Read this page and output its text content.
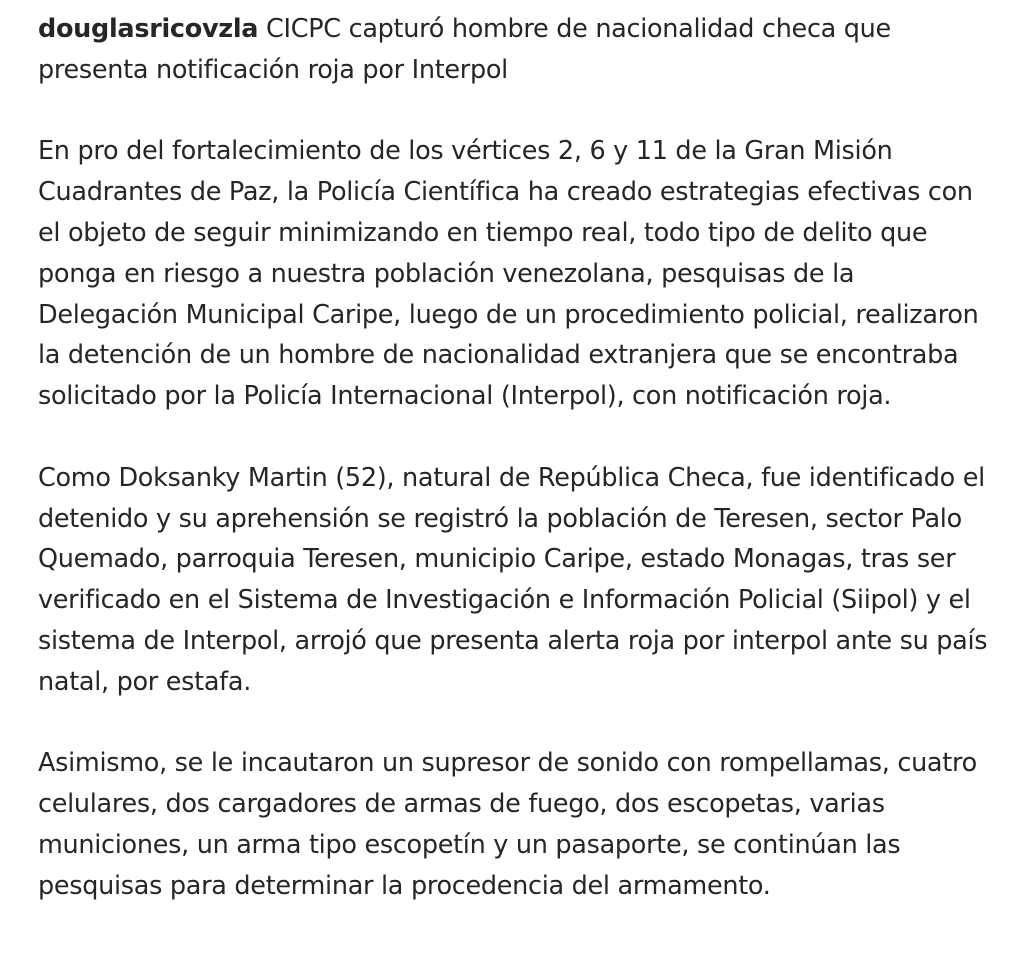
douglasricovzla CICPC capturó hombre de nacionalidad checa que presenta notificación roja por Interpol

En pro del fortalecimiento de los vértices 2, 6 y 11 de la Gran Misión Cuadrantes de Paz, la Policía Científica ha creado estrategias efectivas con el objeto de seguir minimizando en tiempo real, todo tipo de delito que ponga en riesgo a nuestra población venezolana, pesquisas de la Delegación Municipal Caripe, luego de un procedimiento policial, realizaron la detención de un hombre de nacionalidad extranjera que se encontraba solicitado por la Policía Internacional (Interpol), con notificación roja.

Como Doksanky Martin (52), natural de República Checa, fue identificado el detenido y su aprehensión se registró la población de Teresen, sector Palo Quemado, parroquia Teresen, municipio Caripe, estado Monagas, tras ser verificado en el Sistema de Investigación e Información Policial (Siipol) y el sistema de Interpol, arrojó que presenta alerta roja por interpol ante su país natal, por estafa.

Asimismo, se le incautaron un supresor de sonido con rompellamas, cuatro celulares, dos cargadores de armas de fuego, dos escopetas, varias municiones, un arma tipo escopetín y un pasaporte, se continúan las pesquisas para determinar la procedencia del armamento.
